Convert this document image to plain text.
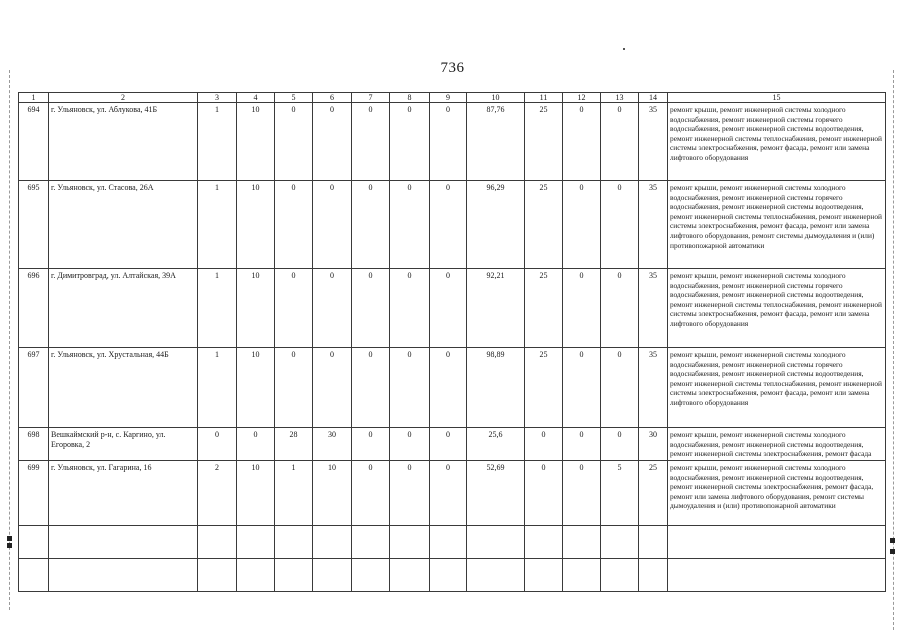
736
1	2	3	4	5	6	7	8	9	10	11	12	13	14	15
694	г. Ульяновск, ул. Аблукова, 41Б	1	10	0	0	0	0	0	87,76	25	0	0	35	ремонт крыши, ремонт инженерной системы холодного водоснабжения, ремонт инженерной системы горячего водоснабжения, ремонт инженерной системы водоотведения, ремонт инженерной системы теплоснабжения, ремонт инженерной системы электроснабжения, ремонт фасада, ремонт или замена лифтового оборудования
695	г. Ульяновск, ул. Стасова, 26А	1	10	0	0	0	0	0	96,29	25	0	0	35	ремонт крыши, ремонт инженерной системы холодного водоснабжения, ремонт инженерной системы горячего водоснабжения, ремонт инженерной системы водоотведения, ремонт инженерной системы теплоснабжения, ремонт инженерной системы электроснабжения, ремонт фасада, ремонт или замена лифтового оборудования, ремонт системы дымоудаления и (или) противопожарной автоматики
696	г. Димитровград, ул. Алтайская, 39А	1	10	0	0	0	0	0	92,21	25	0	0	35	ремонт крыши, ремонт инженерной системы холодного водоснабжения, ремонт инженерной системы горячего водоснабжения, ремонт инженерной системы водоотведения, ремонт инженерной системы теплоснабжения, ремонт инженерной системы электроснабжения, ремонт фасада, ремонт или замена лифтового оборудования
697	г. Ульяновск, ул. Хрустальная, 44Б	1	10	0	0	0	0	0	98,89	25	0	0	35	ремонт крыши, ремонт инженерной системы холодного водоснабжения, ремонт инженерной системы горячего водоснабжения, ремонт инженерной системы водоотведения, ремонт инженерной системы теплоснабжения, ремонт инженерной системы электроснабжения, ремонт фасада, ремонт или замена лифтового оборудования
698	Вешкаймский р-н, с. Каргино, ул. Егоровка, 2	0	0	28	30	0	0	0	25,6	0	0	0	30	ремонт крыши, ремонт инженерной системы холодного водоснабжения, ремонт инженерной системы водоотведения, ремонт инженерной системы электроснабжения, ремонт фасада
699	г. Ульяновск, ул. Гагарина, 16	2	10	1	10	0	0	0	52,69	0	0	5	25	ремонт крыши, ремонт инженерной системы холодного водоснабжения, ремонт инженерной системы водоотведения, ремонт инженерной системы электроснабжения, ремонт фасада, ремонт или замена лифтового оборудования, ремонт системы дымоудаления и (или) противопожарной автоматики
